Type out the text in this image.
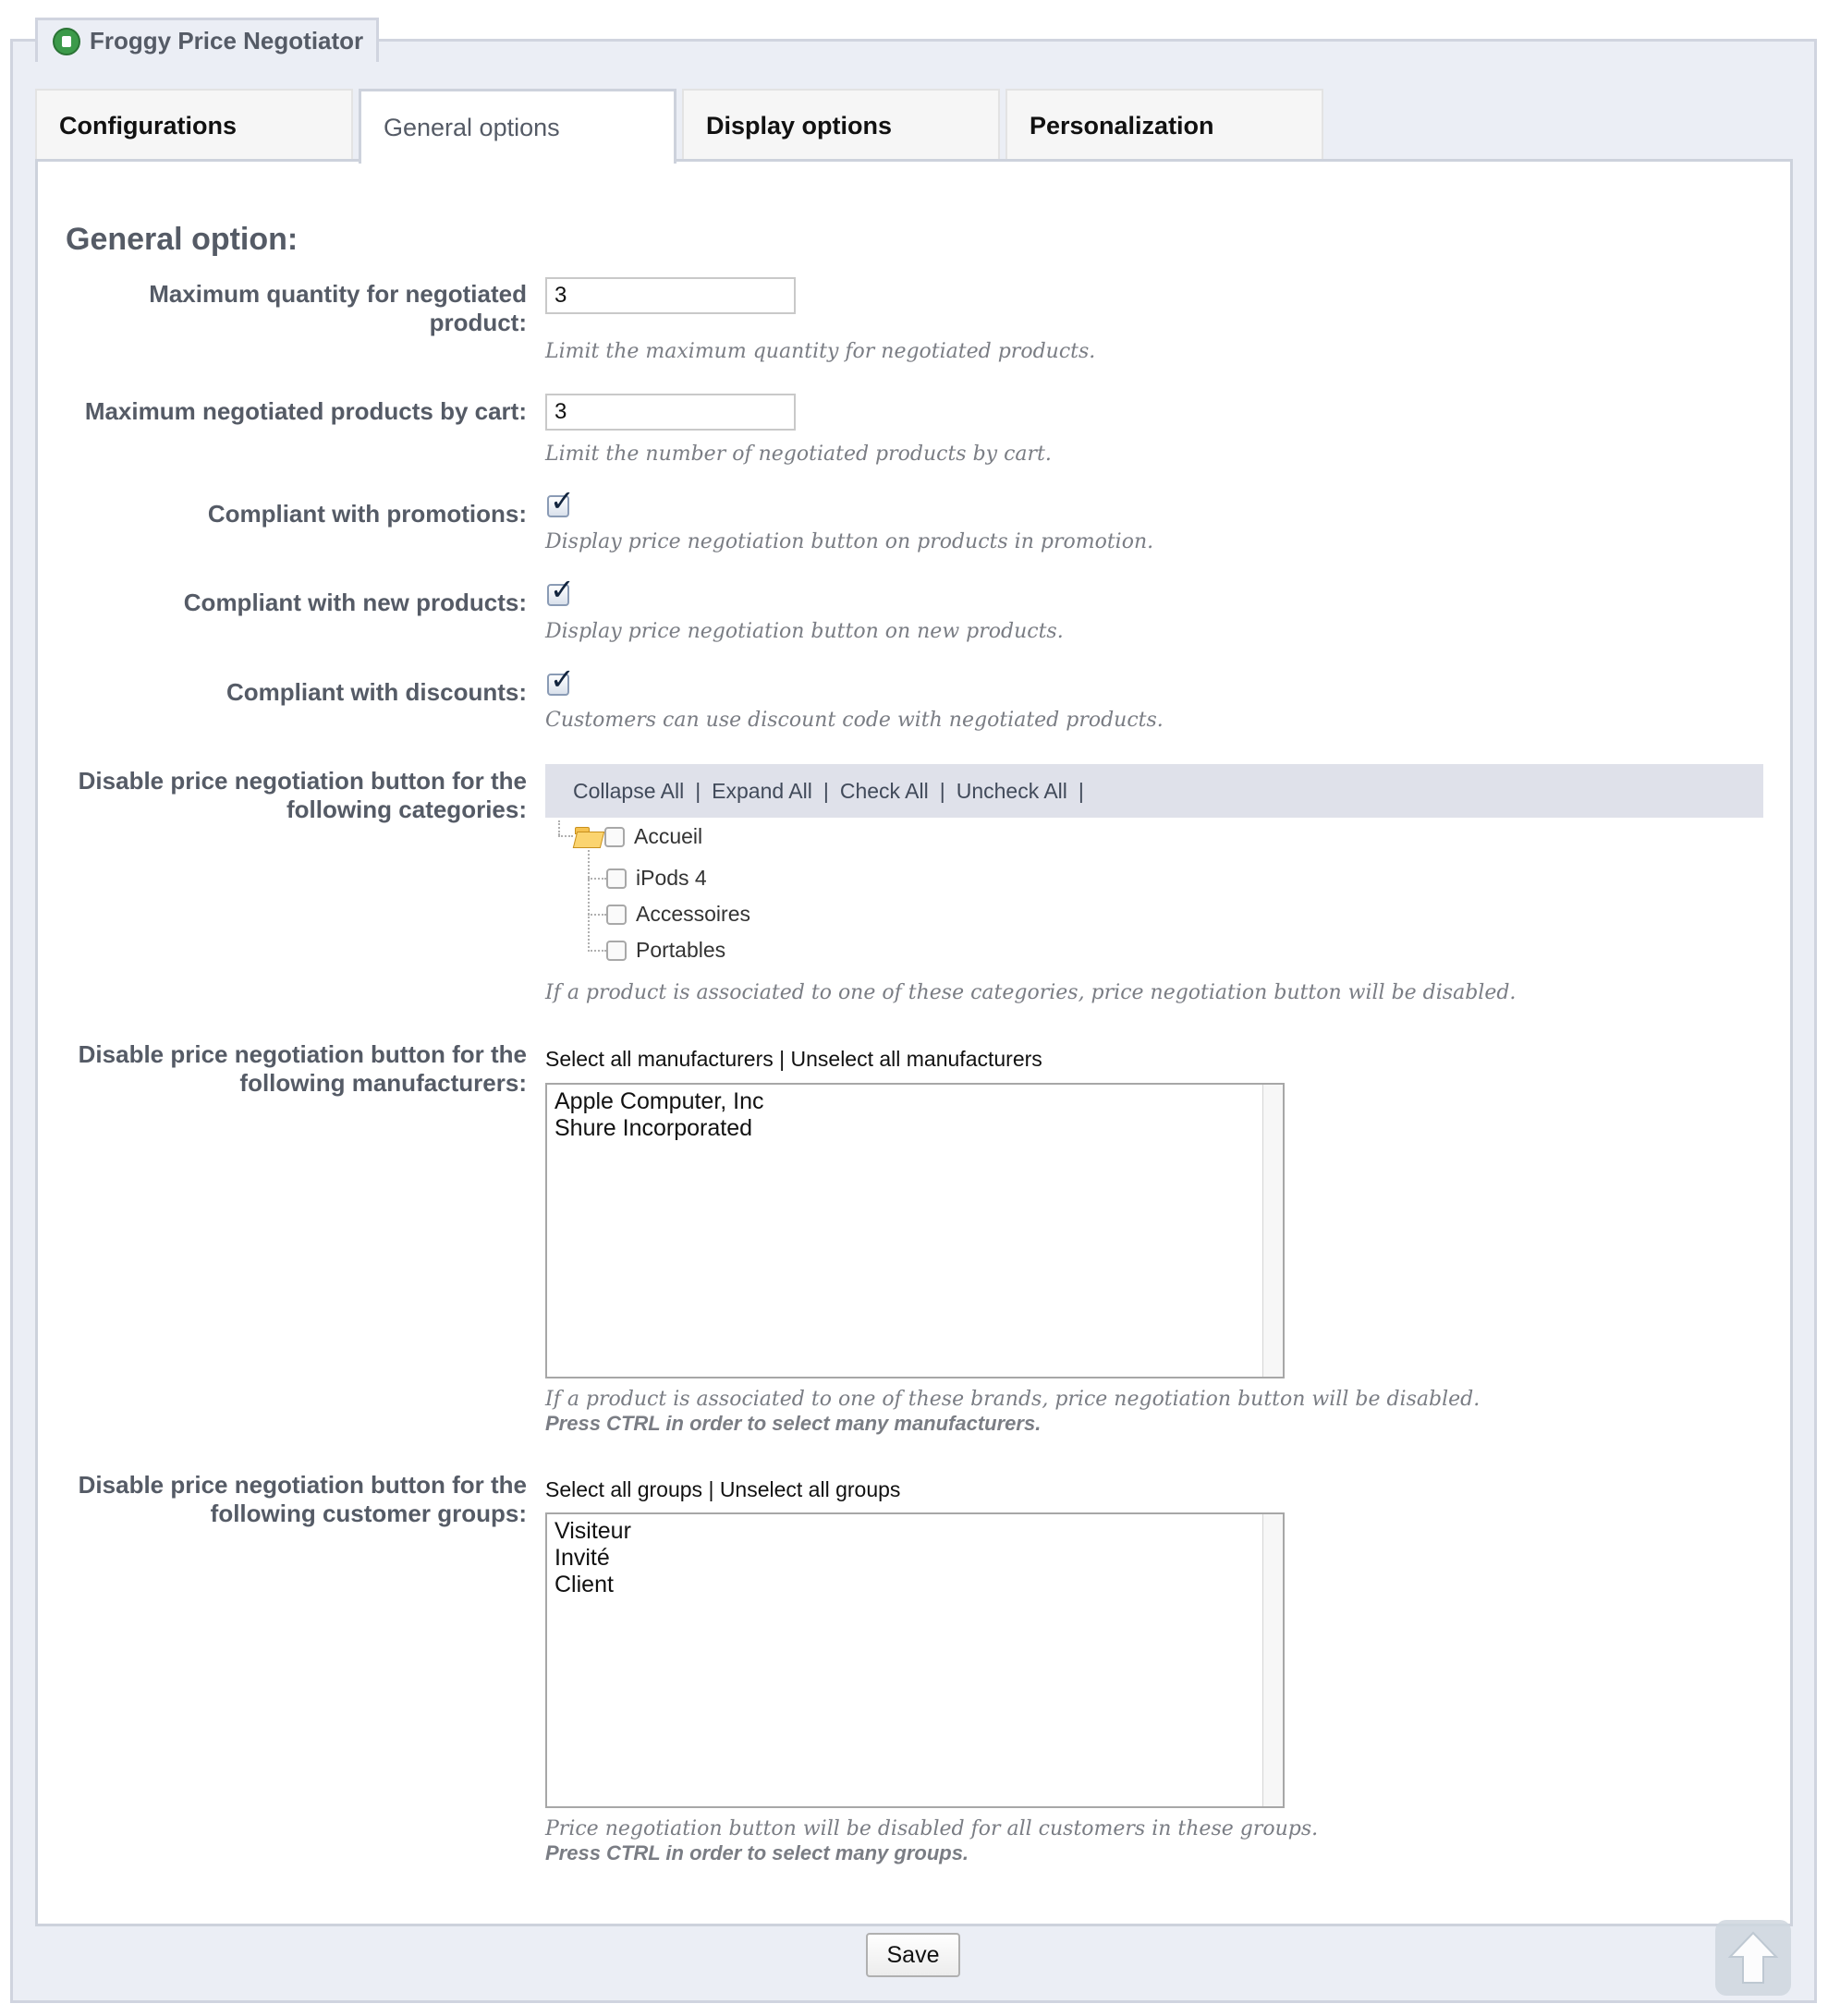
Froggy Price Negotiator
Configurations	General options	Display options	Personalization
General option:
Maximum quantity for negotiated
product:
3
Limit the maximum quantity for negotiated products.
Maximum negotiated products by cart:
3
Limit the number of negotiated products by cart.
Compliant with promotions: ✓
Display price negotiation button on products in promotion.
Compliant with new products: ✓
Display price negotiation button on new products.
Compliant with discounts: ✓
Customers can use discount code with negotiated products.
Disable price negotiation button for the
following categories:
Collapse All | Expand All | Check All | Uncheck All |
Accueil
iPods 4
Accessoires
Portables
If a product is associated to one of these categories, price negotiation button will be disabled.
Disable price negotiation button for the
following manufacturers:
Select all manufacturers | Unselect all manufacturers
Apple Computer, Inc
Shure Incorporated
If a product is associated to one of these brands, price negotiation button will be disabled.
Press CTRL in order to select many manufacturers.
Disable price negotiation button for the
following customer groups:
Select all groups | Unselect all groups
Visiteur
Invité
Client
Price negotiation button will be disabled for all customers in these groups.
Press CTRL in order to select many groups.
Save
